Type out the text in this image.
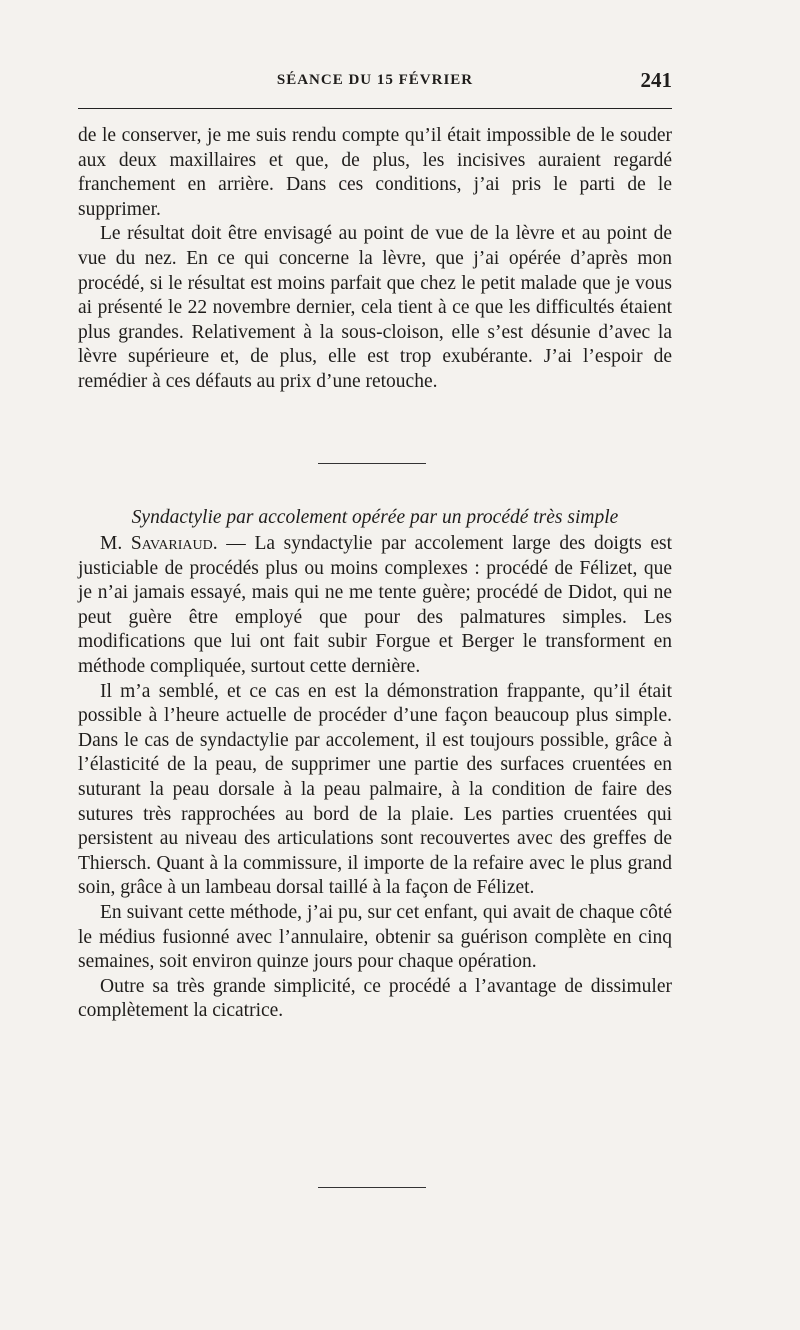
SÉANCE DU 15 FÉVRIER	241

de le conserver, je me suis rendu compte qu’il était impossible de le souder aux deux maxillaires et que, de plus, les incisives auraient regardé franchement en arrière. Dans ces conditions, j’ai pris le parti de le supprimer.

Le résultat doit être envisagé au point de vue de la lèvre et au point de vue du nez. En ce qui concerne la lèvre, que j’ai opérée d’après mon procédé, si le résultat est moins parfait que chez le petit malade que je vous ai présenté le 22 novembre dernier, cela tient à ce que les difficultés étaient plus grandes. Relativement à la sous-cloison, elle s’est désunie d’avec la lèvre supérieure et, de plus, elle est trop exubérante. J’ai l’espoir de remédier à ces défauts au prix d’une retouche.

Syndactylie par accolement opérée par un procédé très simple

M. Savariaud. — La syndactylie par accolement large des doigts est justiciable de procédés plus ou moins complexes : procédé de Félizet, que je n’ai jamais essayé, mais qui ne me tente guère; procédé de Didot, qui ne peut guère être employé que pour des palmatures simples. Les modifications que lui ont fait subir Forgue et Berger le transforment en méthode compliquée, surtout cette dernière.

Il m’a semblé, et ce cas en est la démonstration frappante, qu’il était possible à l’heure actuelle de procéder d’une façon beaucoup plus simple. Dans le cas de syndactylie par accolement, il est toujours possible, grâce à l’élasticité de la peau, de supprimer une partie des surfaces cruentées en suturant la peau dorsale à la peau palmaire, à la condition de faire des sutures très rapprochées au bord de la plaie. Les parties cruentées qui persistent au niveau des articulations sont recouvertes avec des greffes de Thiersch. Quant à la commissure, il importe de la refaire avec le plus grand soin, grâce à un lambeau dorsal taillé à la façon de Félizet.

En suivant cette méthode, j’ai pu, sur cet enfant, qui avait de chaque côté le médius fusionné avec l’annulaire, obtenir sa guérison complète en cinq semaines, soit environ quinze jours pour chaque opération.

Outre sa très grande simplicité, ce procédé a l’avantage de dissimuler complètement la cicatrice.
